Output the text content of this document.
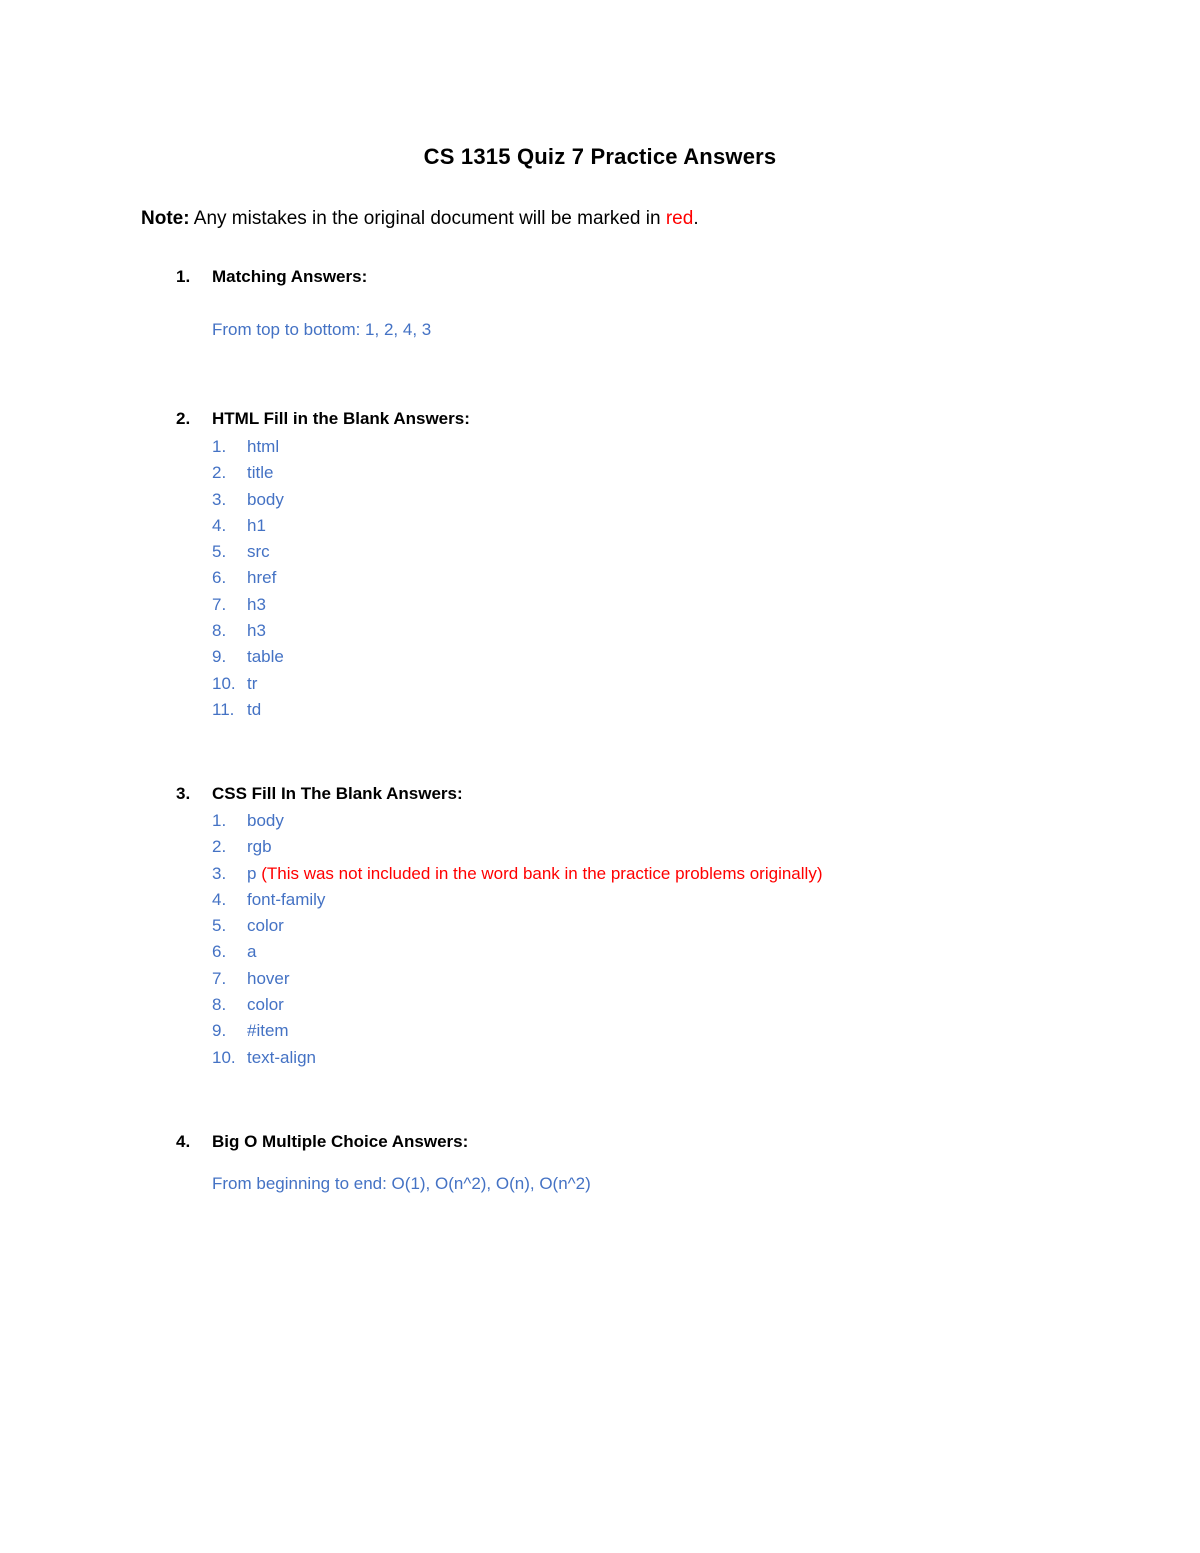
CS 1315 Quiz 7 Practice Answers
Note: Any mistakes in the original document will be marked in red.
1. Matching Answers:
From top to bottom: 1, 2, 4, 3
2. HTML Fill in the Blank Answers:
1. html
2. title
3. body
4. h1
5. src
6. href
7. h3
8. h3
9. table
10. tr
11. td
3. CSS Fill In The Blank Answers:
1. body
2. rgb
3. p (This was not included in the word bank in the practice problems originally)
4. font-family
5. color
6. a
7. hover
8. color
9. #item
10. text-align
4. Big O Multiple Choice Answers:
From beginning to end: O(1), O(n^2), O(n), O(n^2)
